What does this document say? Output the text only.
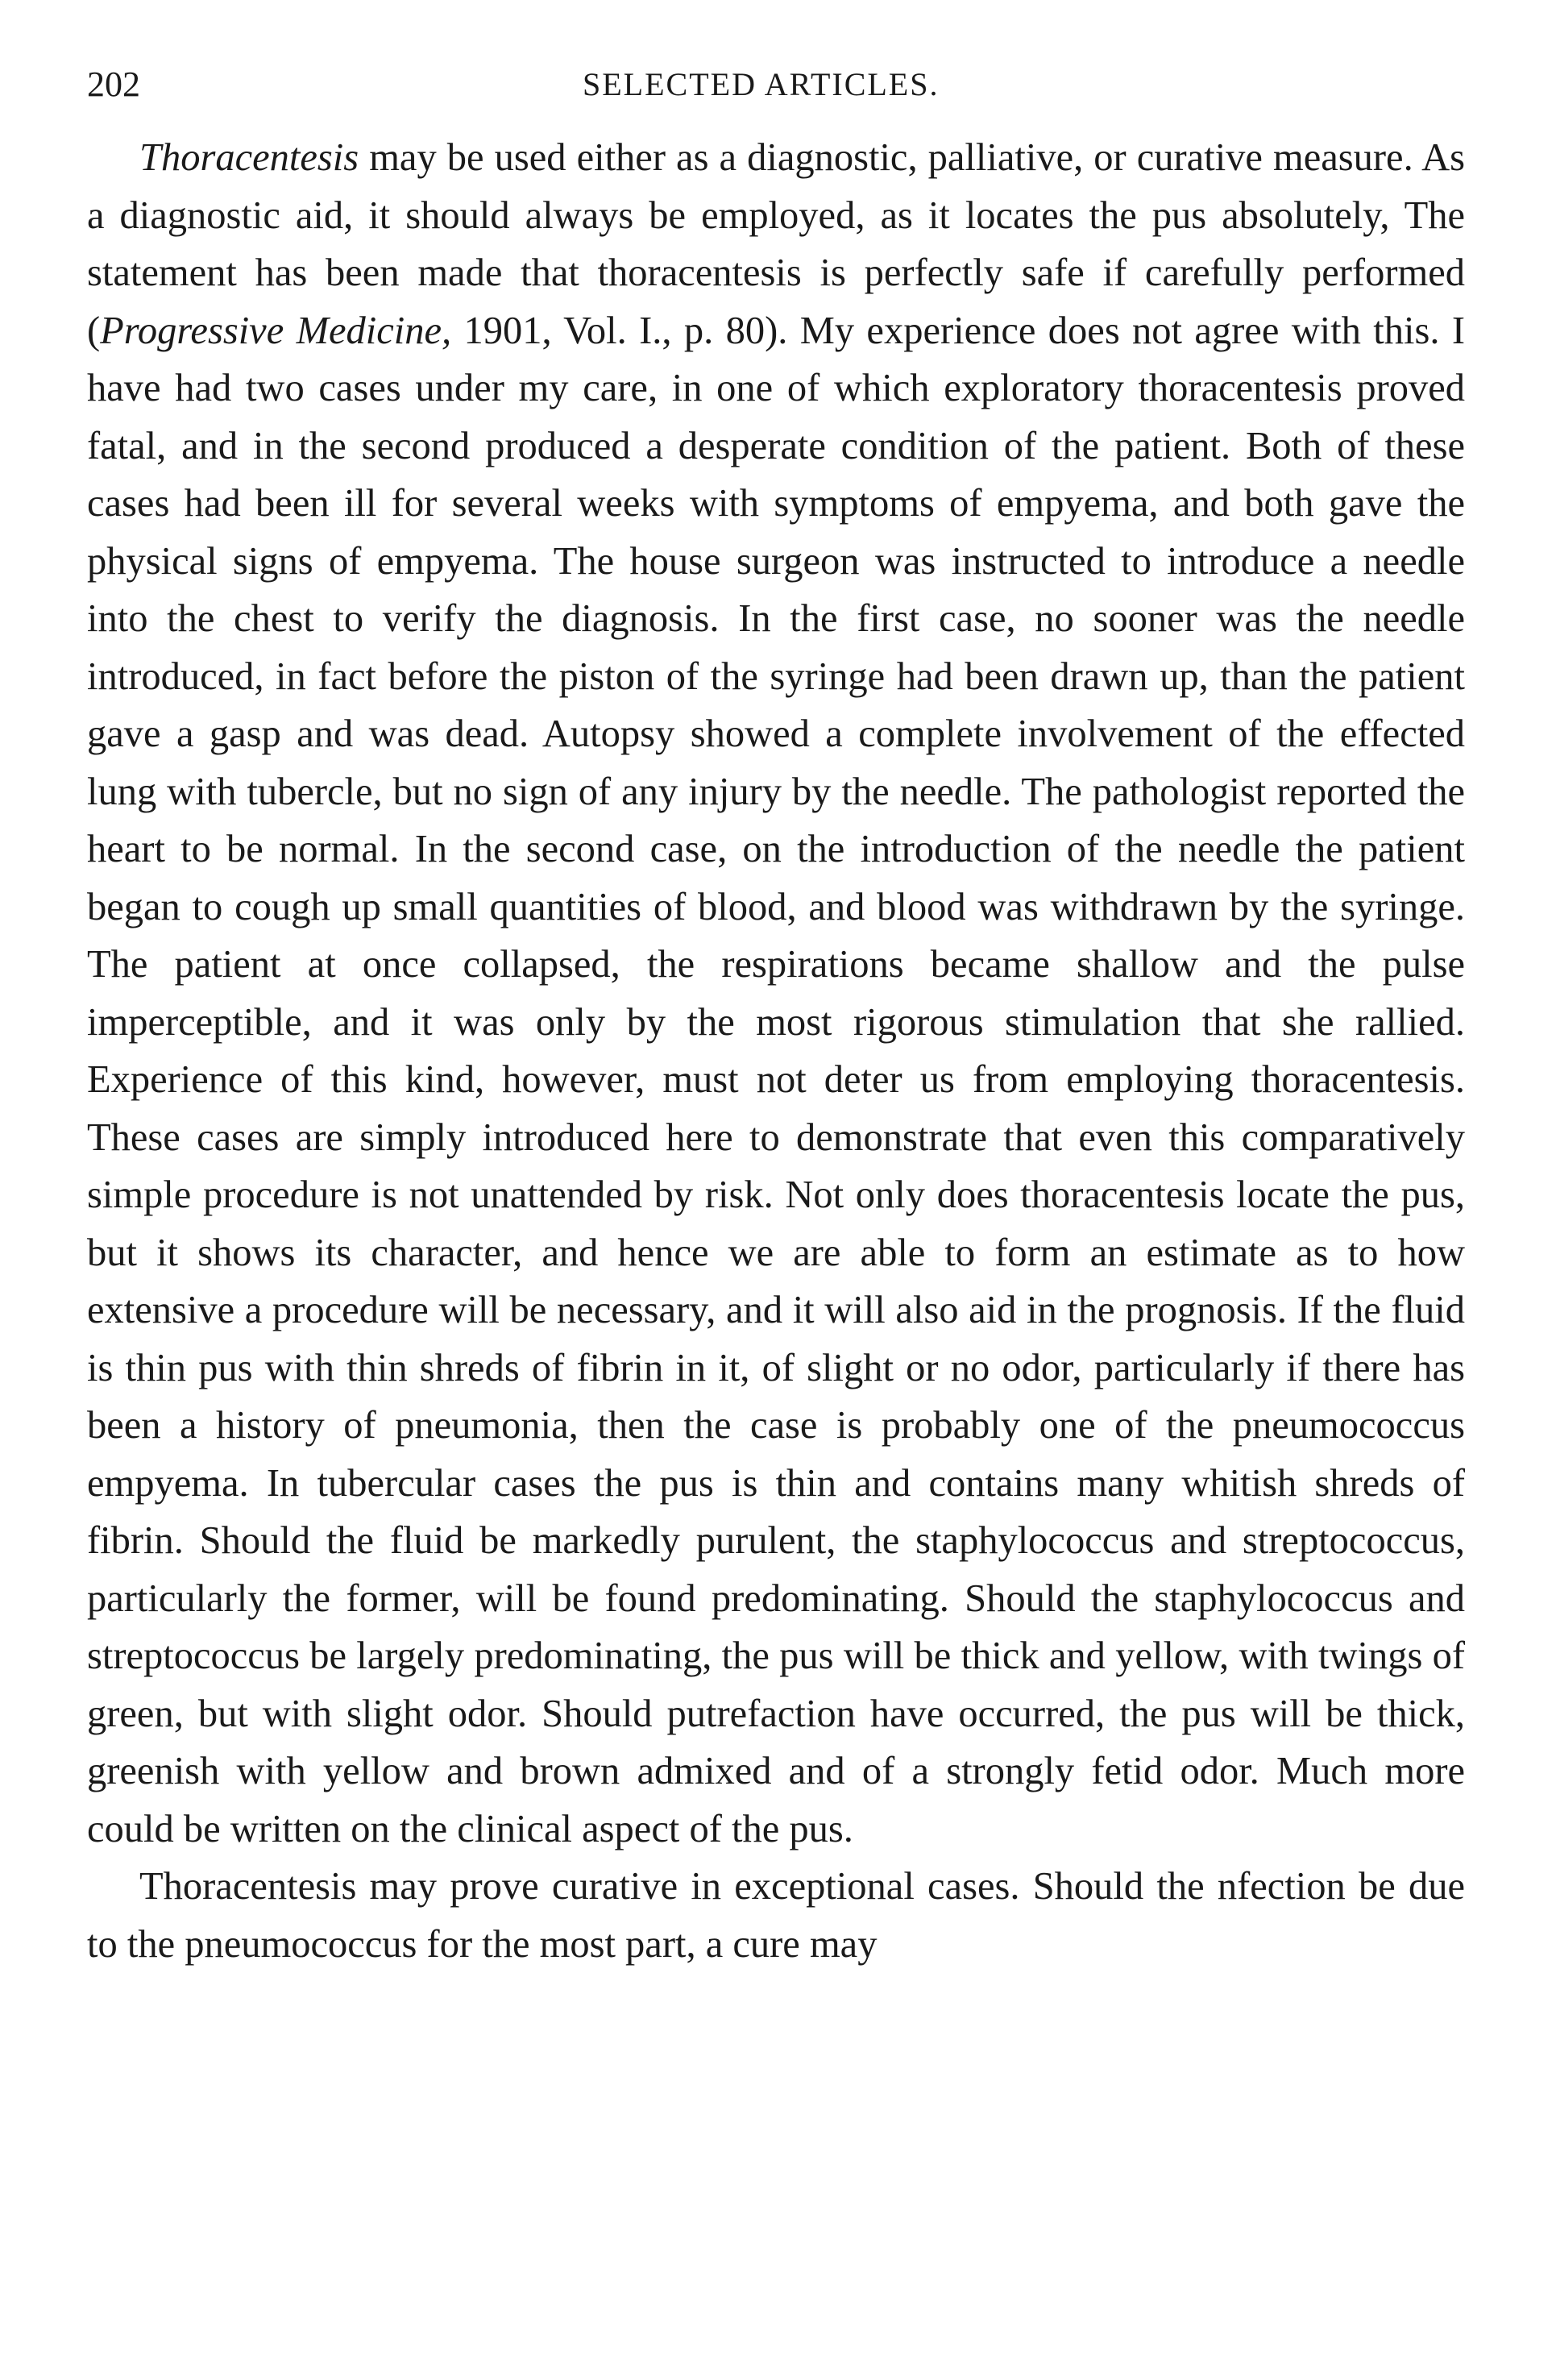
202	SELECTED ARTICLES.

Thoracentesis may be used either as a diagnostic, palliative, or curative measure. As a diagnostic aid, it should always be employed, as it locates the pus absolutely, The statement has been made that thoracentesis is perfectly safe if carefully performed (Progressive Medicine, 1901, Vol. I., p. 80). My experience does not agree with this. I have had two cases under my care, in one of which exploratory thoracentesis proved fatal, and in the second produced a desperate condition of the patient. Both of these cases had been ill for several weeks with symptoms of empyema, and both gave the physical signs of empyema. The house surgeon was instructed to introduce a needle into the chest to verify the diagnosis. In the first case, no sooner was the needle introduced, in fact before the piston of the syringe had been drawn up, than the patient gave a gasp and was dead. Autopsy showed a complete involvement of the effected lung with tubercle, but no sign of any injury by the needle. The pathologist reported the heart to be normal. In the second case, on the introduction of the needle the patient began to cough up small quantities of blood, and blood was withdrawn by the syringe. The patient at once collapsed, the respirations became shallow and the pulse imperceptible, and it was only by the most rigorous stimulation that she rallied. Experience of this kind, however, must not deter us from employing thoracentesis. These cases are simply introduced here to demonstrate that even this comparatively simple procedure is not unattended by risk. Not only does thoracentesis locate the pus, but it shows its character, and hence we are able to form an estimate as to how extensive a procedure will be necessary, and it will also aid in the prognosis. If the fluid is thin pus with thin shreds of fibrin in it, of slight or no odor, particularly if there has been a history of pneumonia, then the case is probably one of the pneumococcus empyema. In tubercular cases the pus is thin and contains many whitish shreds of fibrin. Should the fluid be markedly purulent, the staphylococcus and streptococcus, particularly the former, will be found predominating. Should the staphylococcus and streptococcus be largely predominating, the pus will be thick and yellow, with twings of green, but with slight odor. Should putrefaction have occurred, the pus will be thick, greenish with yellow and brown admixed and of a strongly fetid odor. Much more could be written on the clinical aspect of the pus.

Thoracentesis may prove curative in exceptional cases. Should the nfection be due to the pneumococcus for the most part, a cure may
